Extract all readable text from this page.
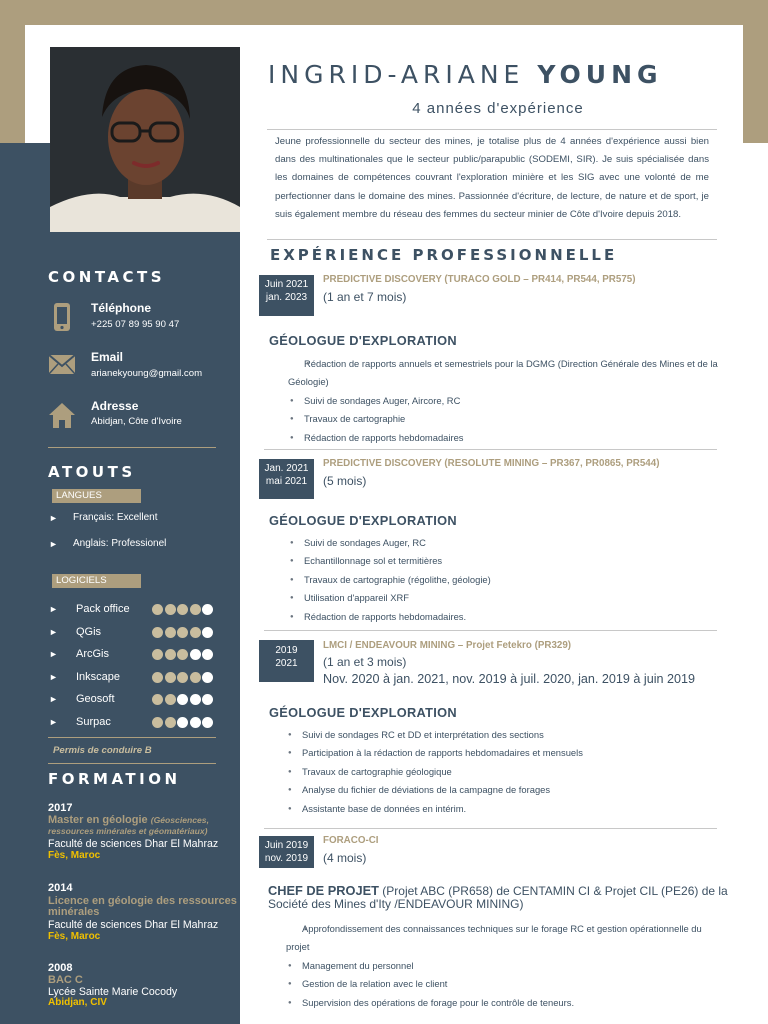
INGRID-ARIANE YOUNG
4 années d'expérience

Jeune professionnelle du secteur des mines, je totalise plus de 4 années d'expérience aussi bien dans des multinationales que le secteur public/parapublic (SODEMI, SIR). Je suis spécialisée dans les domaines de compétences couvrant l'exploration minière et les SIG avec une volonté de me perfectionner dans le domaine des mines. Passionnée d'écriture, de lecture, de nature et de sport, je suis également membre du réseau des femmes du secteur minier de Côte d'Ivoire depuis 2018.

EXPÉRIENCE PROFESSIONNELLE
Juin 2021
jan. 2023
PREDICTIVE DISCOVERY (TURACO GOLD – PR414, PR544, PR575)
(1 an et 7 mois)
GÉOLOGUE D'EXPLORATION
● Rédaction de rapports annuels et semestriels pour la DGMG (Direction Générale des Mines et de la Géologie)
● Suivi de sondages Auger, Aircore, RC
● Travaux de cartographie
● Rédaction de rapports hebdomadaires
Jan. 2021
mai 2021
PREDICTIVE DISCOVERY (RESOLUTE MINING – PR367, PR0865, PR544)
(5 mois)
GÉOLOGUE D'EXPLORATION
● Suivi de sondages Auger, RC
● Echantillonnage sol et termitières
● Travaux de cartographie (régolithe, géologie)
● Utilisation d'appareil XRF
● Rédaction de rapports hebdomadaires.
2019
2021
LMCI / ENDEAVOUR MINING – Projet Fetekro (PR329)
(1 an et 3 mois)
Nov. 2020 à jan. 2021, nov. 2019 à juil. 2020, jan. 2019 à juin 2019
GÉOLOGUE D'EXPLORATION
● Suivi de sondages RC et DD et interprétation des sections
● Participation à la rédaction de rapports hebdomadaires et mensuels
● Travaux de cartographie géologique
● Analyse du fichier de déviations de la campagne de forages
● Assistante base de données en intérim.
Juin 2019
nov. 2019
FORACO-CI
(4 mois)
CHEF DE PROJET (Projet ABC (PR658) de CENTAMIN CI & Projet CIL (PE26) de la Société des Mines d'Ity /ENDEAVOUR MINING)
● Approfondissement des connaissances techniques sur le forage RC et gestion opérationnelle du projet
● Management du personnel
● Gestion de la relation avec le client
● Supervision des opérations de forage pour le contrôle de teneurs.
CONTACTS
Téléphone
+225 07 89 95 90 47
Email
arianekyoung@gmail.com
Adresse
Abidjan, Côte d'Ivoire
ATOUTS
LANGUES
► Français: Excellent
► Anglais: Professionel
LOGICIELS
► Pack office
► QGis
► ArcGis
► Inkscape
► Geosoft
► Surpac
Permis de conduire B
FORMATION
2017
Master en géologie (Géosciences, ressources minérales et géomatériaux)
Faculté de sciences Dhar El Mahraz
Fès, Maroc
2014
Licence en géologie des ressources minérales
Faculté de sciences Dhar El Mahraz
Fès, Maroc
2008
BAC C
Lycée Sainte Marie Cocody
Abidjan, CIV
